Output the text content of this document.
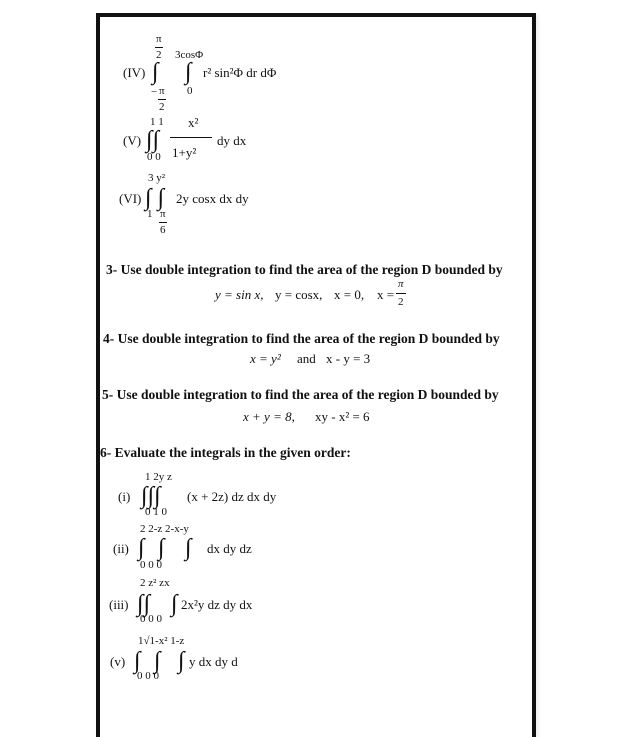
π
2 3cosΦ
(IV) ∫ ∫ r² sin²Φ dr dΦ
− π
2
0
1 1 x²
(V) ∫∫	dy dx
0 0 1+y²
3 y²
(VI) ∫ ∫ 2y cosx dx dy
1 π
6
3- Use double integration to find the area of the region D bounded by
y = sin x, y = cosx, x = 0, x =
π
2
4- Use double integration to find the area of the region D bounded by
x = y² and x - y = 3
5- Use double integration to find the area of the region D bounded by
x + y = 8, xy - x² = 6
6- Evaluate the integrals in the given order:
1 2y z
(i) ∫∫∫ (x + 2z) dz dx dy
0 1 0
2 2-z 2-x-y
(ii) ∫ ∫ ∫ dx dy dz
0 0 0
2 z² zx
(iii) ∫∫ ∫ 2x²y dz dy dx
0 0 0
1√1-x² 1-z
(v) ∫ ∫ ∫ y dx dy d
0 0 0
